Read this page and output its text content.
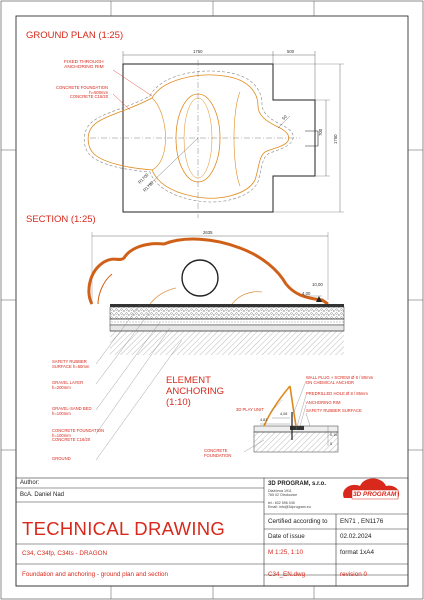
GROUND PLAN (1:25)
SECTION (1:25)
ELEMENT
ANCHORING
(1:10)
FIXED THROUGH
ANCHORING RIM
CONCRETE FOUNDATION
h=500mm
CONCRETE C16/20
1750	500
700
1750
50
R1700
R1790
2635
10,00
4,00
SAFETY RUBBER
SURFACE h=50mm
GRAVEL LAYER
h=200mm
GRAVEL-SAND BED
h=100mm
CONCRETE FOUNDATION
h=100mm
CONCRETE C16/20
GROUND
WALL PLUG + SCREW Ø 8 / 80mm
ON CHEMICAL ANCHOR
PREDRILLED HOLE Ø 8 / 85mm
ANCHORING RIM
SAFETY RUBBER SURFACE
3D PLAY UNIT
CONCRETE
FOUNDATION
4,81
4,08
0,16
5
Author:
BcA. Daniel Nad
3D PROGRAM, s.r.o.
Dlažčená 1911
765 02 Otrokovice
tel.: 602 596 045
Email: info@3dprogram.eu
3D PROGRAM
TECHNICAL DRAWING	Certified according to EN71 , EN1176
Date of issue	02.02.2024
C34, C34fp, C34ts - DRAGON	M 1:25, 1:10	format 1xA4
Foundation and anchoring - ground plan and section	C34_EN.dwg	revision 0
